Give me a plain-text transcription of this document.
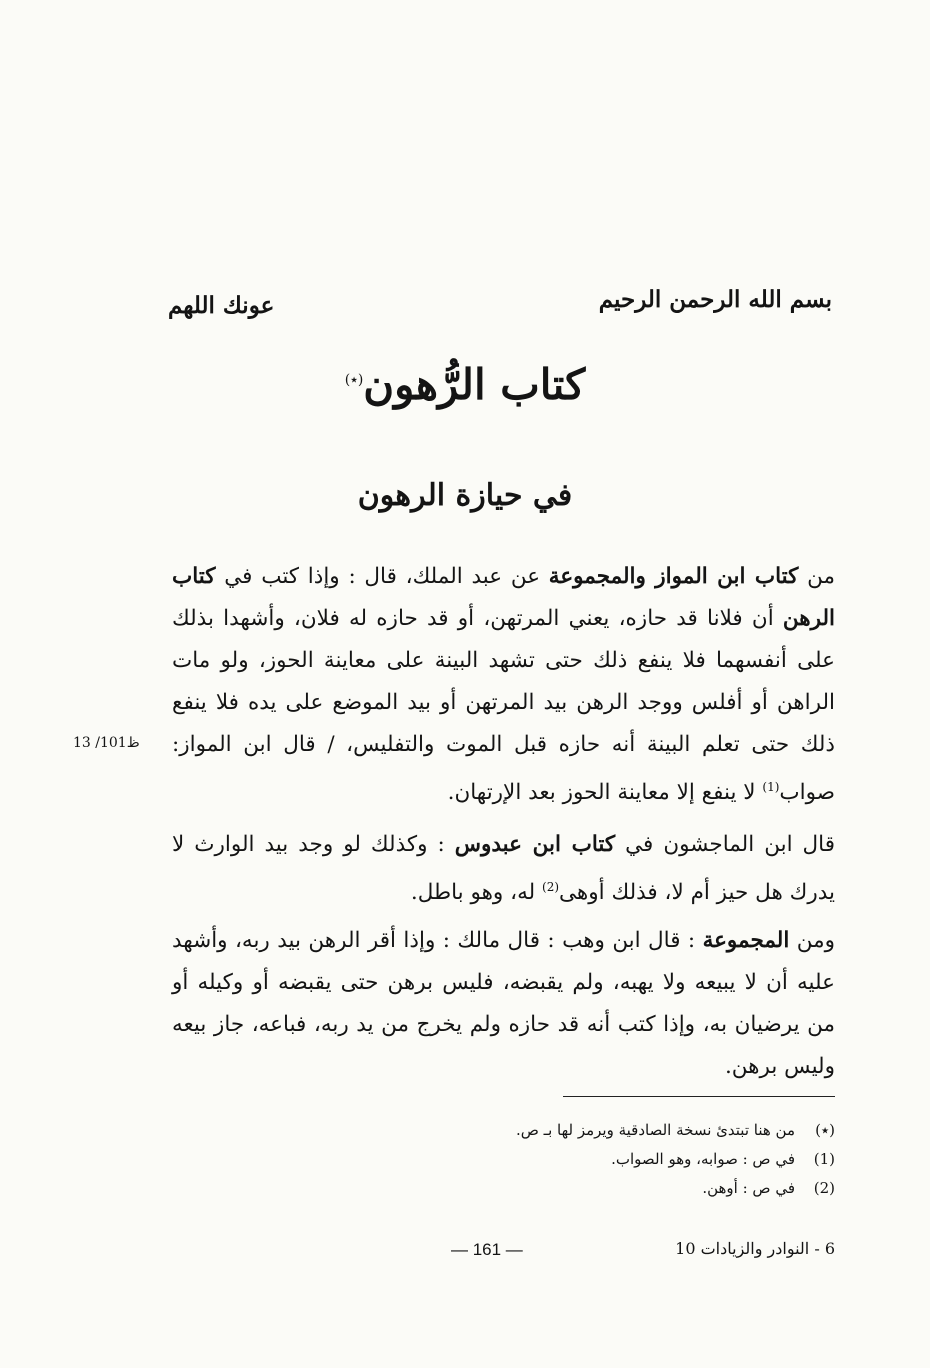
بسم الله الرحمن الرحيم
عونك اللهم
كتاب الرُّهون(٭)
في حيازة الرهون
من كتاب ابن المواز والمجموعة عن عبد الملك، قال : وإذا كتب في كتاب الرهن أن فلانا قد حازه، يعني المرتهن، أو قد حازه له فلان، وأشهدا بذلك على أنفسهما فلا ينفع ذلك حتى تشهد البينة على معاينة الحوز، ولو مات الراهن أو أفلس ووجد الرهن بيد المرتهن أو بيد الموضع على يده فلا ينفع ذلك حتى تعلم البينة أنه حازه قبل الموت والتفليس، / قال ابن المواز: صواب$^{(1)}$ لا ينفع إلا معاينة الحوز بعد الإرتهان.
13 /101ظ
قال ابن الماجشون في كتاب ابن عبدوس : وكذلك لو وجد بيد الوارث لا يدرك هل حيز أم لا، فذلك أوهى$^{(2)}$ له، وهو باطل.
ومن المجموعة : قال ابن وهب : قال مالك : وإذا أقر الرهن بيد ربه، وأشهد عليه أن لا يبيعه ولا يهبه، ولم يقبضه، فليس برهن حتى يقبضه أو وكيله أو من يرضيان به، وإذا كتب أنه قد حازه ولم يخرج من يد ربه، فباعه، جاز بيعه وليس برهن.
(٭)
من هنا تبتدئ نسخة الصادقية ويرمز لها بـ ص.
(1)
في ص : صوابه، وهو الصواب.
(2)
في ص : أوهن.
6 - النوادر والزيادات 10
— 161 —
